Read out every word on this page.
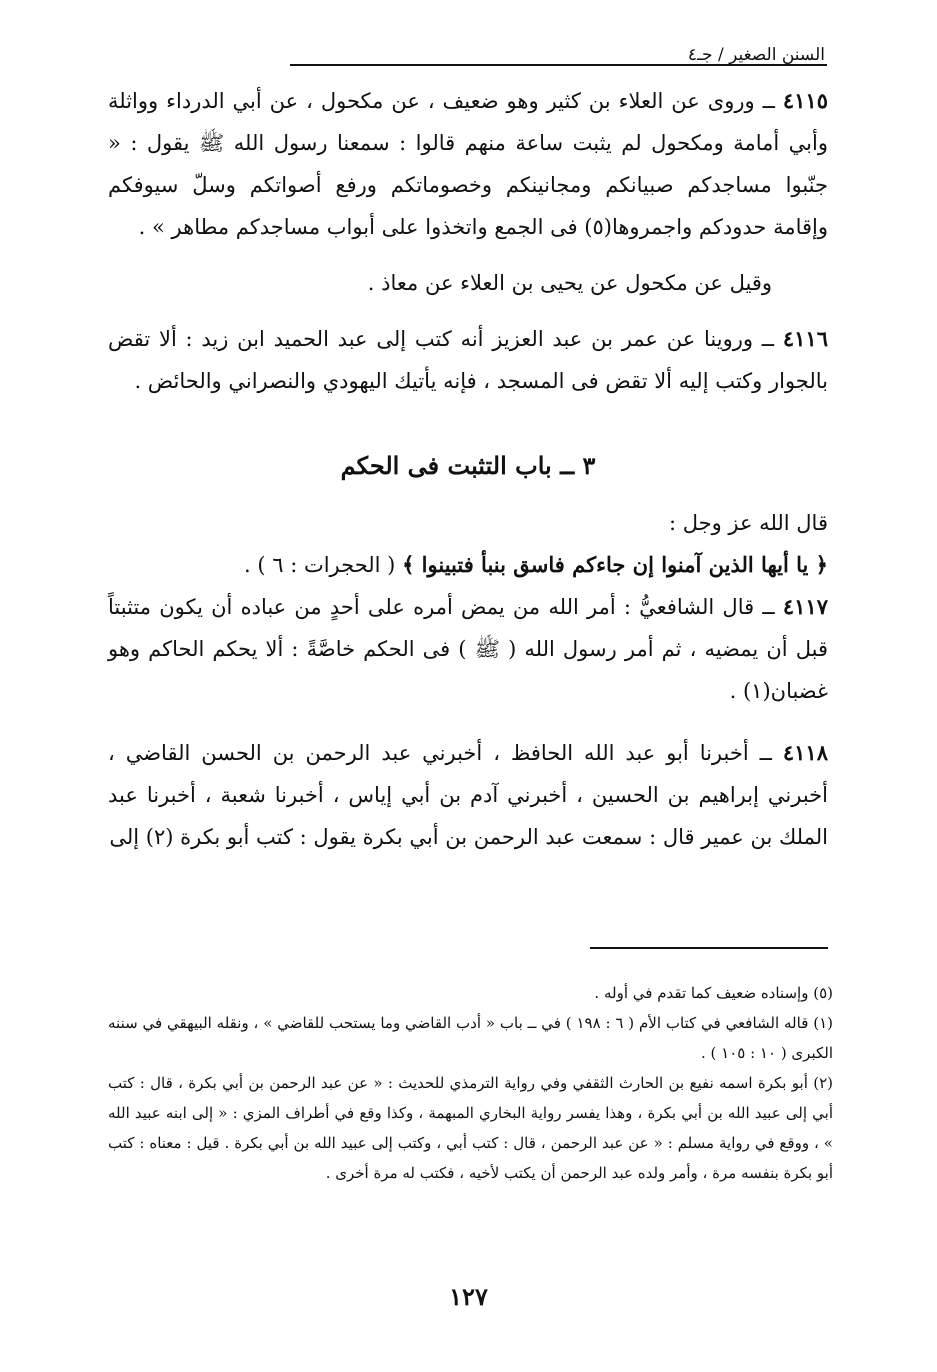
السنن الصغير / جـ٤

٤١١٥ ــ وروى عن العلاء بن كثير وهو ضعيف ، عن مكحول ، عن أبي الدرداء وواثلة وأبي أمامة ومكحول لم يثبت ساعة منهم قالوا : سمعنا رسول الله ﷺ يقول : « جنّبوا مساجدكم صبيانكم ومجانينكم وخصوماتكم ورفع أصواتكم وسلّ سيوفكم وإقامة حدودكم واجمروها(٥) فى الجمع واتخذوا على أبواب مساجدكم مطاهر » .

وقيل عن مكحول عن يحيى بن العلاء عن معاذ .

٤١١٦ ــ وروينا عن عمر بن عبد العزيز أنه كتب إلى عبد الحميد ابن زيد : ألا تقض بالجوار وكتب إليه ألا تقض فى المسجد ، فإنه يأتيك اليهودي والنصراني والحائض .

٣ ــ باب التثبت فى الحكم

قال الله عز وجل :

﴿ يا أيها الذين آمنوا إن جاءكم فاسق بنبأ فتبينوا ﴾ ( الحجرات : ٦ ) .

٤١١٧ ــ قال الشافعيُّ : أمر الله من يمض أمره على أحدٍ من عباده أن يكون متثبتاً قبل أن يمضيه ، ثم أمر رسول الله ( ﷺ ) فى الحكم خاصَّةً : ألا يحكم الحاكم وهو غضبان(١) .

٤١١٨ ــ أخبرنا أبو عبد الله الحافظ ، أخبرني عبد الرحمن بن الحسن القاضي ، أخبرني إبراهيم بن الحسين ، أخبرني آدم بن أبي إياس ، أخبرنا شعبة ، أخبرنا عبد الملك بن عمير قال : سمعت عبد الرحمن بن أبي بكرة يقول : كتب أبو بكرة (٢) إلى

(٥) وإسناده ضعيف كما تقدم في أوله .

(١) قاله الشافعي في كتاب الأم ( ٦ : ١٩٨ ) في ــ باب « أدب القاضي وما يستحب للقاضي » ، ونقله البيهقي في سننه الكبرى ( ١٠ : ١٠٥ ) .

(٢) أبو بكرة اسمه نفيع بن الحارث الثقفي وفي رواية الترمذي للحديث : « عن عبد الرحمن بن أبي بكرة ، قال : كتب أبي إلى عبيد الله بن أبي بكرة ، وهذا يفسر رواية البخاري المبهمة ، وكذا وقع في أطراف المزي : « إلى ابنه عبيد الله » ، ووقع في رواية مسلم : « عن عبد الرحمن ، قال : كتب أبي ، وكتب إلى عبيد الله بن أبي بكرة . قيل : معناه : كتب أبو بكرة بنفسه مرة ، وأمر ولده عبد الرحمن أن يكتب لأخيه ، فكتب له مرة أخرى .

١٢٧
